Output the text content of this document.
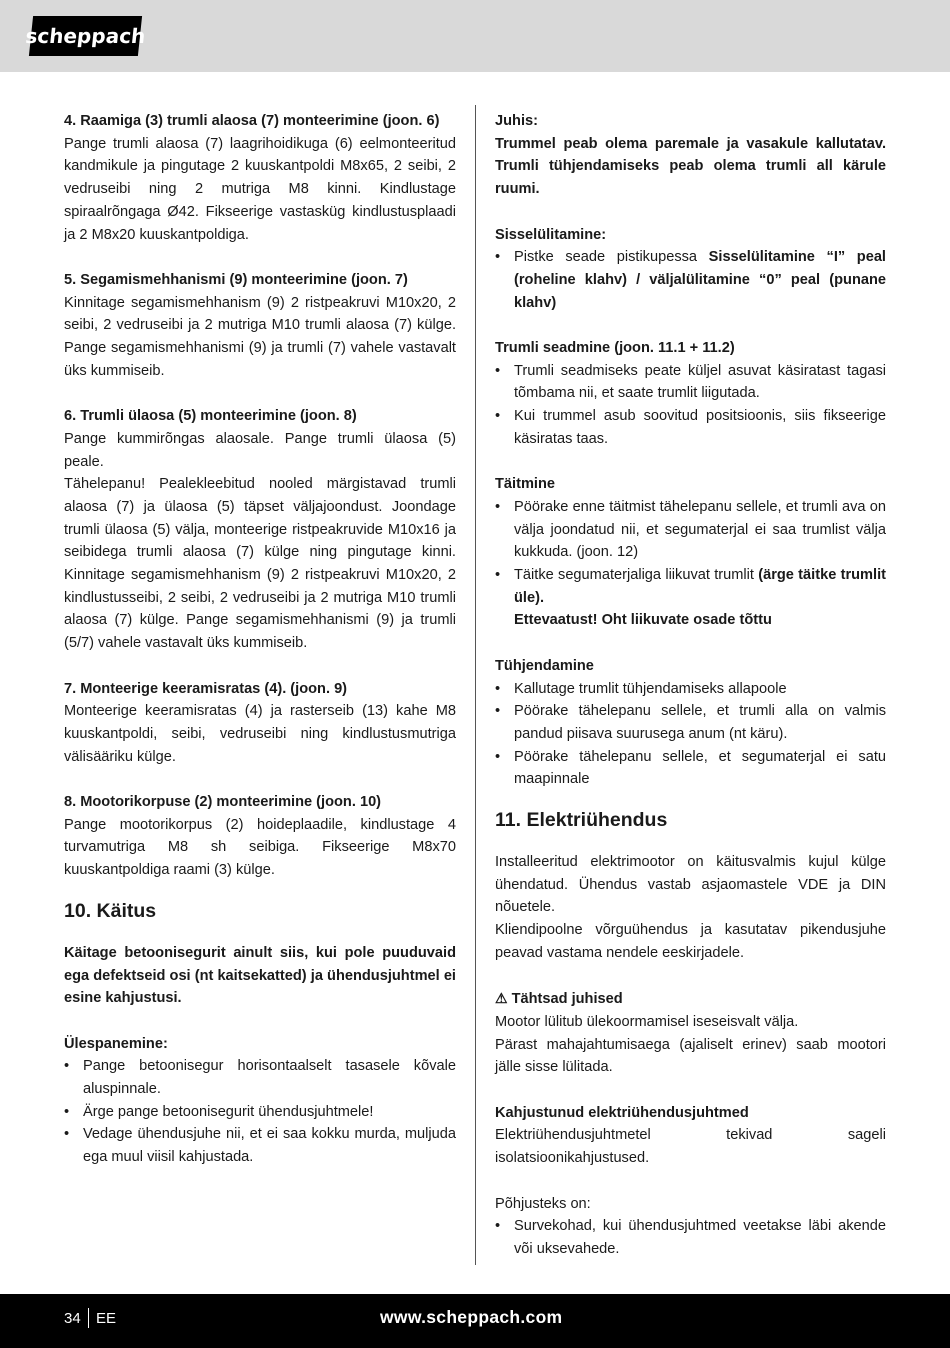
scheppach
4. Raamiga (3) trumli alaosa (7) monteerimine (joon. 6)
Pange trumli alaosa (7) laagrihoidikuga (6) eelmonteeritud kandmikule ja pingutage 2 kuuskantpoldi M8x65, 2 seibi, 2 vedruseibi ning 2 mutriga M8 kinni. Kindlustage spiraalrõngaga Ø42. Fikseerige vastasküg kindlustusplaadi ja 2 M8x20 kuuskantpoldiga.
5. Segamismehhanismi (9) monteerimine (joon. 7)
Kinnitage segamismehhanism (9) 2 ristpeakruvi M10x20, 2 seibi, 2 vedruseibi ja 2 mutriga M10 trumli alaosa (7) külge. Pange segamismehhanismi (9) ja trumli (7) vahele vastavalt üks kummiseib.
6. Trumli ülaosa (5) monteerimine (joon. 8)
Pange kummirõngas alaosale. Pange trumli ülaosa (5) peale.
Tähelepanu! Pealekleebitud nooled märgistavad trumli alaosa (7) ja ülaosa (5) täpset väljajoondust. Joondage trumli ülaosa (5) välja, monteerige ristpeakruvide M10x16 ja seibidega trumli alaosa (7) külge ning pingutage kinni. Kinnitage segamismehhanism (9) 2 ristpeakruvi M10x20, 2 kindlustusseibi, 2 seibi, 2 vedruseibi ja 2 mutriga M10 trumli alaosa (7) külge. Pange segamismehhanismi (9) ja trumli (5/7) vahele vastavalt üks kummiseib.
7. Monteerige keeramisratas (4). (joon. 9)
Monteerige keeramisratas (4) ja rasterseib (13) kahe M8 kuuskantpoldi, seibi, vedruseibi ning kindlustusmutriga välisääriku külge.
8. Mootorikorpuse (2) monteerimine (joon. 10)
Pange mootorikorpus (2) hoideplaadile, kindlustage 4 turvamutriga M8 sh seibiga. Fikseerige M8x70 kuuskantpoldiga raami (3) külge.
10. Käitus
Käitage betoonisegurit ainult siis, kui pole puuduvaid ega defektseid osi (nt kaitsekatted) ja ühendusjuhtmel ei esine kahjustusi.
Ülespanemine:
• Pange betoonisegur horisontaalselt tasasele kõvale aluspinnale.
• Ärge pange betoonisegurit ühendusjuhtmele!
• Vedage ühendusjuhe nii, et ei saa kokku murda, muljuda ega muul viisil kahjustada.
Juhis:
Trummel peab olema paremale ja vasakule kallutatav. Trumli tühjendamiseks peab olema trumli all kärule ruumi.
Sisselülitamine:
• Pistke seade pistikupessa Sisselülitamine “I” peal (roheline klahv) / väljalülitamine “0” peal (punane klahv)
Trumli seadmine (joon. 11.1 + 11.2)
• Trumli seadmiseks peate küljel asuvat käsiratast tagasi tõmbama nii, et saate trumlit liigutada.
• Kui trummel asub soovitud positsioonis, siis fikseerige käsiratas taas.
Täitmine
• Pöörake enne täitmist tähelepanu sellele, et trumli ava on välja joondatud nii, et segumaterjal ei saa trumlist välja kukkuda. (joon. 12)
• Täitke segumaterjaliga liikuvat trumlit (ärge täitke trumlit üle).
Ettevaatust! Oht liikuvate osade tõttu
Tühjendamine
• Kallutage trumlit tühjendamiseks allapoole
• Pöörake tähelepanu sellele, et trumli alla on valmis pandud piisava suurusega anum (nt käru).
• Pöörake tähelepanu sellele, et segumaterjal ei satu maapinnale
11. Elektriühendus
Installeeritud elektrimootor on käitusvalmis kujul külge ühendatud. Ühendus vastab asjaomastele VDE ja DIN nõuetele.
Kliendipoolne võrguühendus ja kasutatav pikendusjuhe peavad vastama nendele eeskirjadele.
⚠ Tähtsad juhised
Mootor lülitub ülekoormamisel iseseisvalt välja.
Pärast mahajahtumisaega (ajaliselt erinev) saab mootori jälle sisse lülitada.
Kahjustunud elektriühendusjuhtmed
Elektriühendusjuhtmetel tekivad sageli isolatsioonikahjustused.
Põhjusteks on:
• Survekohad, kui ühendusjuhtmed veetakse läbi akende või uksevahede.
34 EE	www.scheppach.com
